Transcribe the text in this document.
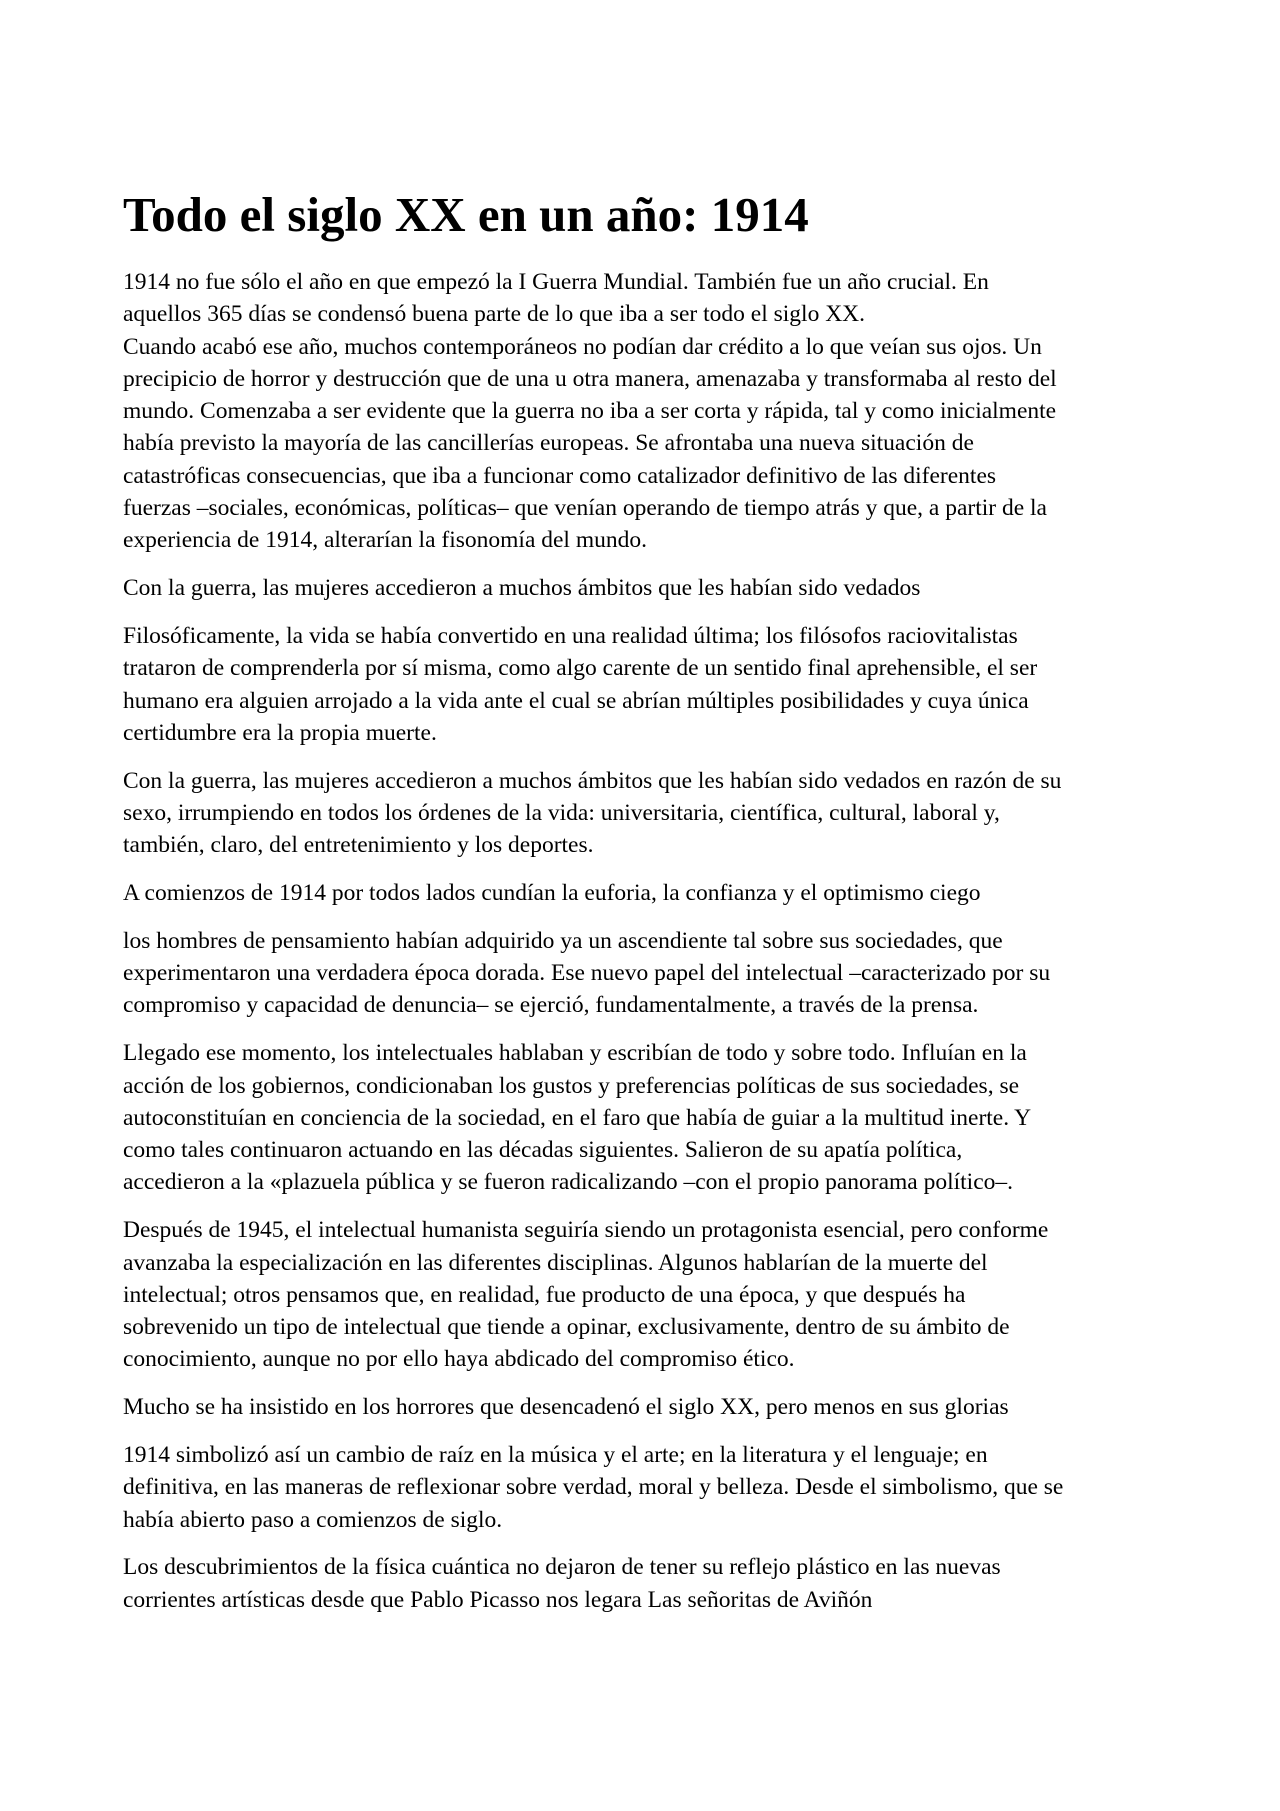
Todo el siglo XX en un año: 1914

1914 no fue sólo el año en que empezó la I Guerra Mundial. También fue un año crucial. En
aquellos 365 días se condensó buena parte de lo que iba a ser todo el siglo XX.
Cuando acabó ese año, muchos contemporáneos no podían dar crédito a lo que veían sus ojos. Un
precipicio de horror y destrucción que de una u otra manera, amenazaba y transformaba al resto del
mundo. Comenzaba a ser evidente que la guerra no iba a ser corta y rápida, tal y como inicialmente
había previsto la mayoría de las cancillerías europeas. Se afrontaba una nueva situación de
catastróficas consecuencias, que iba a funcionar como catalizador definitivo de las diferentes
fuerzas –sociales, económicas, políticas– que venían operando de tiempo atrás y que, a partir de la
experiencia de 1914, alterarían la fisonomía del mundo.

Con la guerra, las mujeres accedieron a muchos ámbitos que les habían sido vedados

Filosóficamente, la vida se había convertido en una realidad última; los filósofos raciovitalistas
trataron de comprenderla por sí misma, como algo carente de un sentido final aprehensible, el ser
humano era alguien arrojado a la vida ante el cual se abrían múltiples posibilidades y cuya única
certidumbre era la propia muerte.

Con la guerra, las mujeres accedieron a muchos ámbitos que les habían sido vedados en razón de su
sexo, irrumpiendo en todos los órdenes de la vida: universitaria, científica, cultural, laboral y,
también, claro, del entretenimiento y los deportes.

A comienzos de 1914 por todos lados cundían la euforia, la confianza y el optimismo ciego

los hombres de pensamiento habían adquirido ya un ascendiente tal sobre sus sociedades, que
experimentaron una verdadera época dorada. Ese nuevo papel del intelectual –caracterizado por su
compromiso y capacidad de denuncia– se ejerció, fundamentalmente, a través de la prensa.

Llegado ese momento, los intelectuales hablaban y escribían de todo y sobre todo. Influían en la
acción de los gobiernos, condicionaban los gustos y preferencias políticas de sus sociedades, se
autoconstituían en conciencia de la sociedad, en el faro que había de guiar a la multitud inerte. Y
como tales continuaron actuando en las décadas siguientes. Salieron de su apatía política,
accedieron a la «plazuela pública y se fueron radicalizando –con el propio panorama político–.

Después de 1945, el intelectual humanista seguiría siendo un protagonista esencial, pero conforme
avanzaba la especialización en las diferentes disciplinas. Algunos hablarían de la muerte del
intelectual; otros pensamos que, en realidad, fue producto de una época, y que después ha
sobrevenido un tipo de intelectual que tiende a opinar, exclusivamente, dentro de su ámbito de
conocimiento, aunque no por ello haya abdicado del compromiso ético.

Mucho se ha insistido en los horrores que desencadenó el siglo XX, pero menos en sus glorias

1914 simbolizó así un cambio de raíz en la música y el arte; en la literatura y el lenguaje; en
definitiva, en las maneras de reflexionar sobre verdad, moral y belleza. Desde el simbolismo, que se
había abierto paso a comienzos de siglo.

Los descubrimientos de la física cuántica no dejaron de tener su reflejo plástico en las nuevas
corrientes artísticas desde que Pablo Picasso nos legara Las señoritas de Aviñón
